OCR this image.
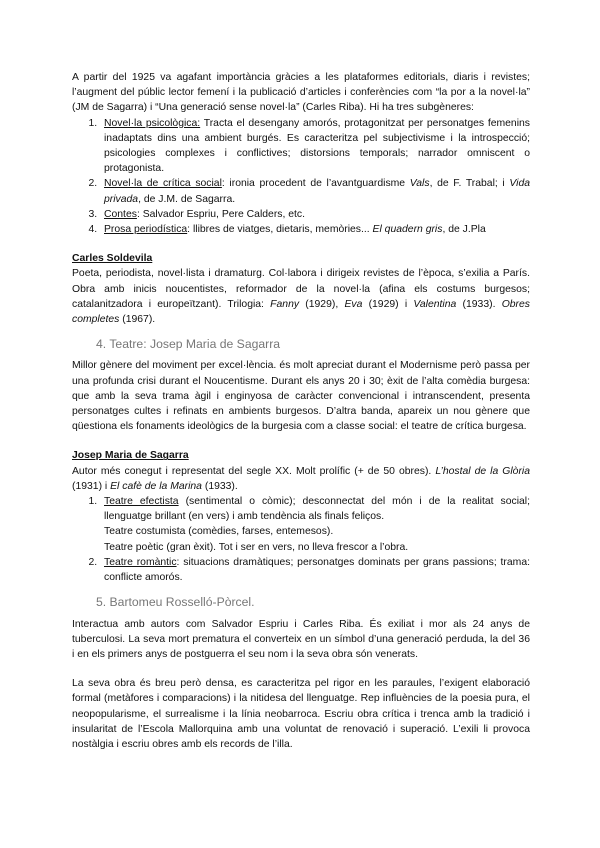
A partir del 1925 va agafant importància gràcies a les plataformes editorials, diaris i revistes; l’augment del públic lector femení i la publicació d’articles i conferències com “la por a la novel·la” (JM de Sagarra) i “Una generació sense novel·la” (Carles Riba). Hi ha tres subgèneres:

1. Novel·la psicològica: Tracta el desengany amorós, protagonitzat per personatges femenins inadaptats dins una ambient burgés. Es caracteritza pel subjectivisme i la introspecció; psicologies complexes i conflictives; distorsions temporals; narrador omniscent o protagonista.
2. Novel·la de crítica social: ironia procedent de l’avantguardisme Vals, de F. Trabal; i Vida privada, de J.M. de Sagarra.
3. Contes: Salvador Espriu, Pere Calders, etc.
4. Prosa periodística: llibres de viatges, dietaris, memòries... El quadern gris, de J.Pla
Carles Soldevila

Poeta, periodista, novel·lista i dramaturg. Col·labora i dirigeix revistes de l’època, s’exilia a París. Obra amb inicis noucentistes, reformador de la novel·la (afina els costums burgesos; catalanitzadora i europeïtzant). Trilogia: Fanny (1929), Eva (1929) i Valentina (1933). Obres completes (1967).

4. Teatre: Josep Maria de Sagarra

Millor gènere del moviment per excel·lència. és molt apreciat durant el Modernisme però passa per una profunda crisi durant el Noucentisme. Durant els anys 20 i 30; èxit de l’alta comèdia burgesa: que amb la seva trama àgil i enginyosa de caràcter convencional i intranscendent, presenta personatges cultes i refinats en ambients burgesos. D’altra banda, apareix un nou gènere que qüestiona els fonaments ideològics de la burgesia com a classe social: el teatre de crítica burgesa.

Josep Maria de Sagarra

Autor més conegut i representat del segle XX. Molt prolífic (+ de 50 obres). L’hostal de la Glòria (1931) i El cafè de la Marina (1933).

1. Teatre efectista (sentimental o còmic); desconnectat del món i de la realitat social; llenguatge brillant (en vers) i amb tendència als finals feliços.
Teatre costumista (comèdies, farses, entemesos).
Teatre poètic (gran èxit). Tot i ser en vers, no lleva frescor a l’obra.
2. Teatre romàntic: situacions dramàtiques; personatges dominats per grans passions; trama: conflicte amorós.
5. Bartomeu Rosselló-Pòrcel.

Interactua amb autors com Salvador Espriu i Carles Riba. És exiliat i mor als 24 anys de tuberculosi. La seva mort prematura el converteix en un símbol d’una generació perduda, la del 36 i en els primers anys de postguerra el seu nom i la seva obra són venerats.

La seva obra és breu però densa, es caracteritza pel rigor en les paraules, l’exigent elaboració formal (metàfores i comparacions) i la nitidesa del llenguatge. Rep influències de la poesia pura, el neopopularisme, el surrealisme i la línia neobarroca. Escriu obra crítica i trenca amb la tradició i insularitat de l’Escola Mallorquina amb una voluntat de renovació i superació. L’exili li provoca nostàlgia i escriu obres amb els records de l’illa.
